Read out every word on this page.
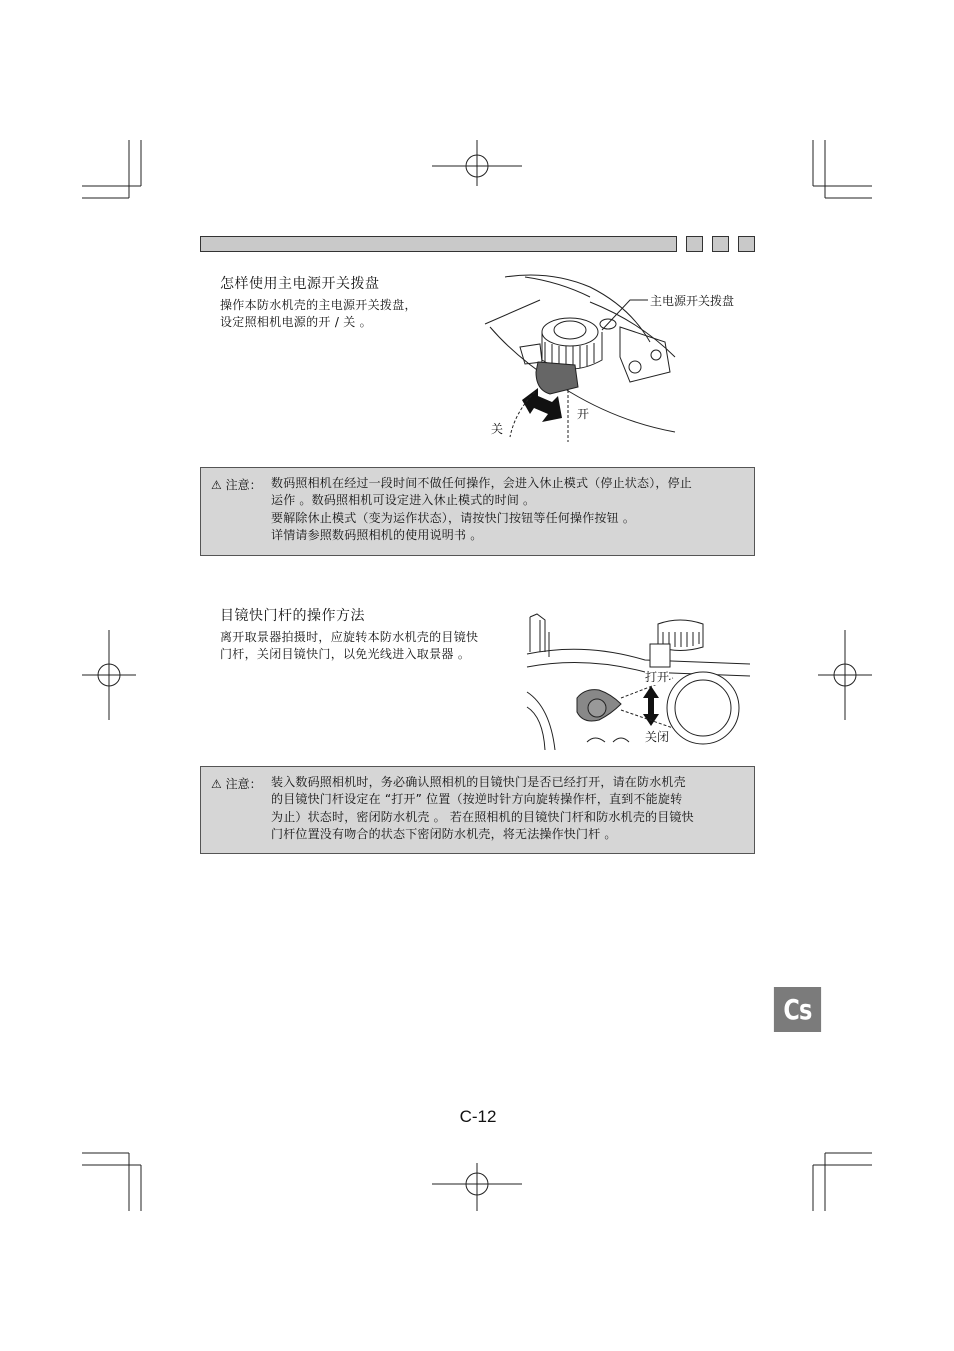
怎样使用主电源开关拨盘
操作本防水机壳的主电源开关拨盘，
设定照相机电源的开 / 关 。
主电源开关拨盘
开
关
⚠ 注意： 数码照相机在经过一段时间不做任何操作，会进入休止模式（停止状态），停止
运作 。数码照相机可设定进入休止模式的时间 。
要解除休止模式（变为运作状态），请按快门按钮等任何操作按钮 。
详情请参照数码照相机的使用说明书 。
目镜快门杆的操作方法
离开取景器拍摄时，应旋转本防水机壳的目镜快
门杆，关闭目镜快门，以免光线进入取景器 。
打开
关闭
⚠ 注意： 装入数码照相机时，务必确认照相机的目镜快门是否已经打开，请在防水机壳
的目镜快门杆设定在 “打开” 位置（按逆时针方向旋转操作杆，直到不能旋转
为止）状态时，密闭防水机壳 。 若在照相机的目镜快门杆和防水机壳的目镜快
门杆位置没有吻合的状态下密闭防水机壳，将无法操作快门杆 。
Cs
C-12
